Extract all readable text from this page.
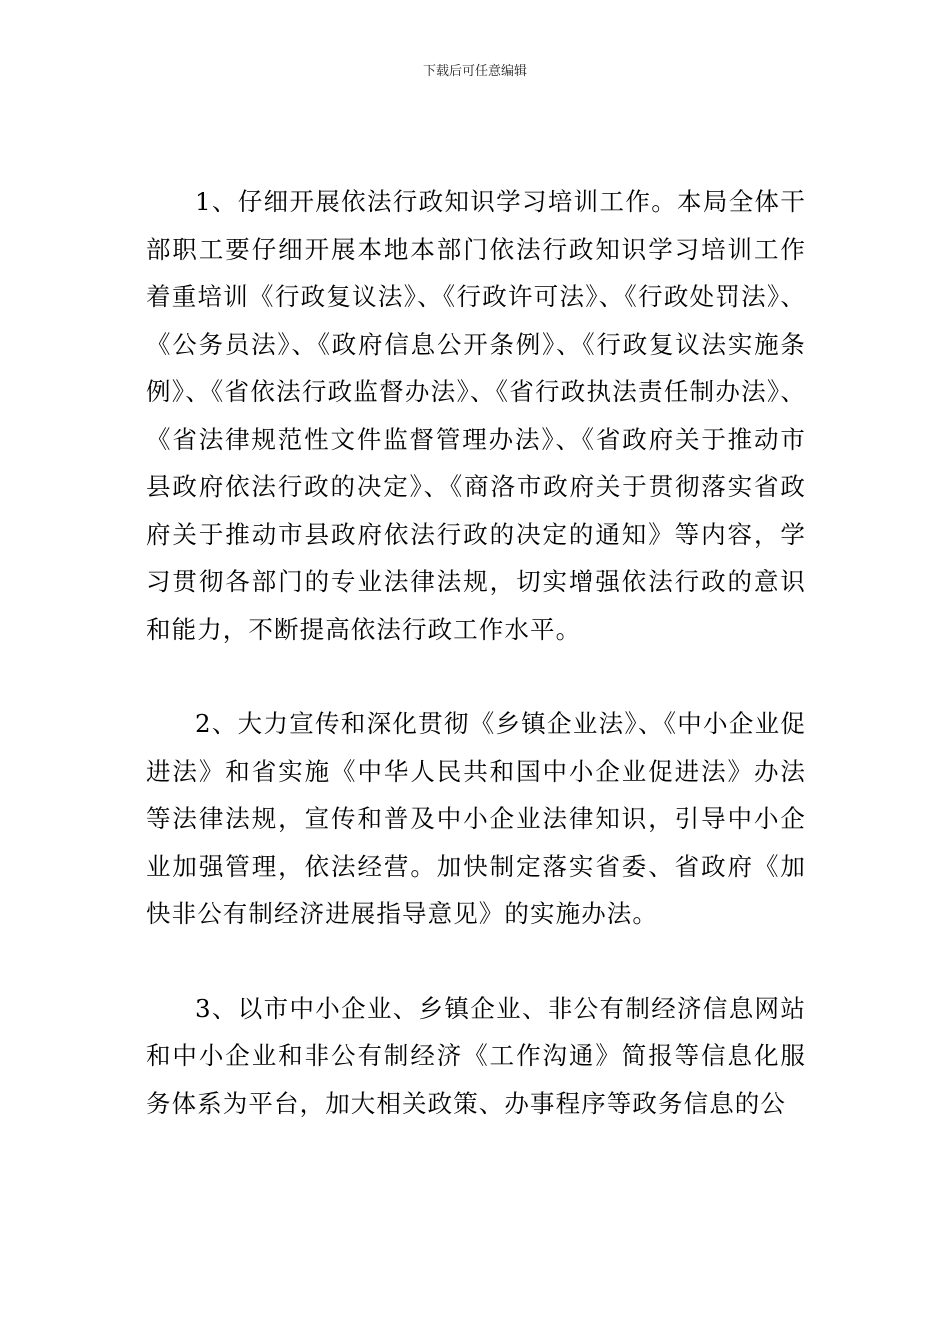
下载后可任意编辑

1、仔细开展依法行政知识学习培训工作。本局全体干部职工要仔细开展本地本部门依法行政知识学习培训工作着重培训《行政复议法》、《行政许可法》、《行政处罚法》、《公务员法》、《政府信息公开条例》、《行政复议法实施条例》、《省依法行政监督办法》、《省行政执法责任制办法》、《省法律规范性文件监督管理办法》、《省政府关于推动市县政府依法行政的决定》、《商洛市政府关于贯彻落实省政府关于推动市县政府依法行政的决定的通知》等内容，学习贯彻各部门的专业法律法规，切实增强依法行政的意识和能力，不断提高依法行政工作水平。

2、大力宣传和深化贯彻《乡镇企业法》、《中小企业促进法》和省实施《中华人民共和国中小企业促进法》办法等法律法规，宣传和普及中小企业法律知识，引导中小企业加强管理，依法经营。加快制定落实省委、省政府《加快非公有制经济进展指导意见》的实施办法。

3、以市中小企业、乡镇企业、非公有制经济信息网站和中小企业和非公有制经济《工作沟通》简报等信息化服务体系为平台，加大相关政策、办事程序等政务信息的公
